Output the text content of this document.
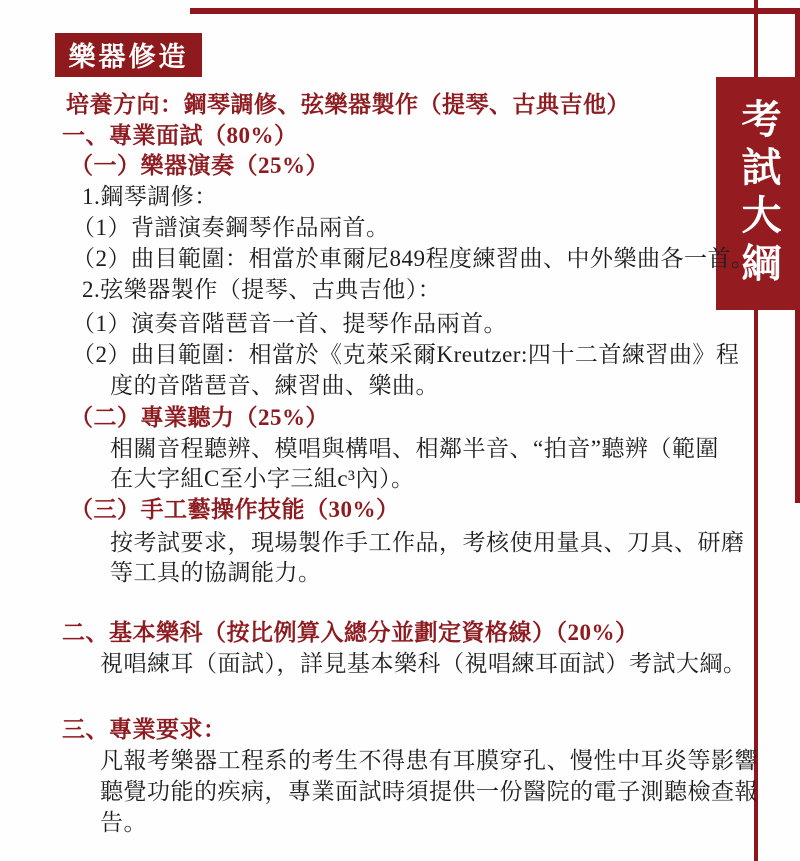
樂器修造
考試大綱
培養方向：鋼琴調修、弦樂器製作（提琴、古典吉他）
一、專業面試（80%）
（一）樂器演奏（25%）
1.鋼琴調修：
（1）背譜演奏鋼琴作品兩首。
（2）曲目範圍：相當於車爾尼849程度練習曲、中外樂曲各一首。
2.弦樂器製作（提琴、古典吉他）：
（1）演奏音階琶音一首、提琴作品兩首。
（2）曲目範圍：相當於《克萊采爾Kreutzer:四十二首練習曲》程
度的音階琶音、練習曲、樂曲。
（二）專業聽力（25%）
相關音程聽辨、模唱與構唱、相鄰半音、“拍音”聽辨（範圍
在大字組C至小字三組c³內）。
（三）手工藝操作技能（30%）
按考試要求，現場製作手工作品，考核使用量具、刀具、研磨
等工具的協調能力。
二、基本樂科（按比例算入總分並劃定資格線）（20%）
視唱練耳（面試），詳見基本樂科（視唱練耳面試）考試大綱。
三、專業要求：
凡報考樂器工程系的考生不得患有耳膜穿孔、慢性中耳炎等影響
聽覺功能的疾病，專業面試時須提供一份醫院的電子測聽檢查報
告。
